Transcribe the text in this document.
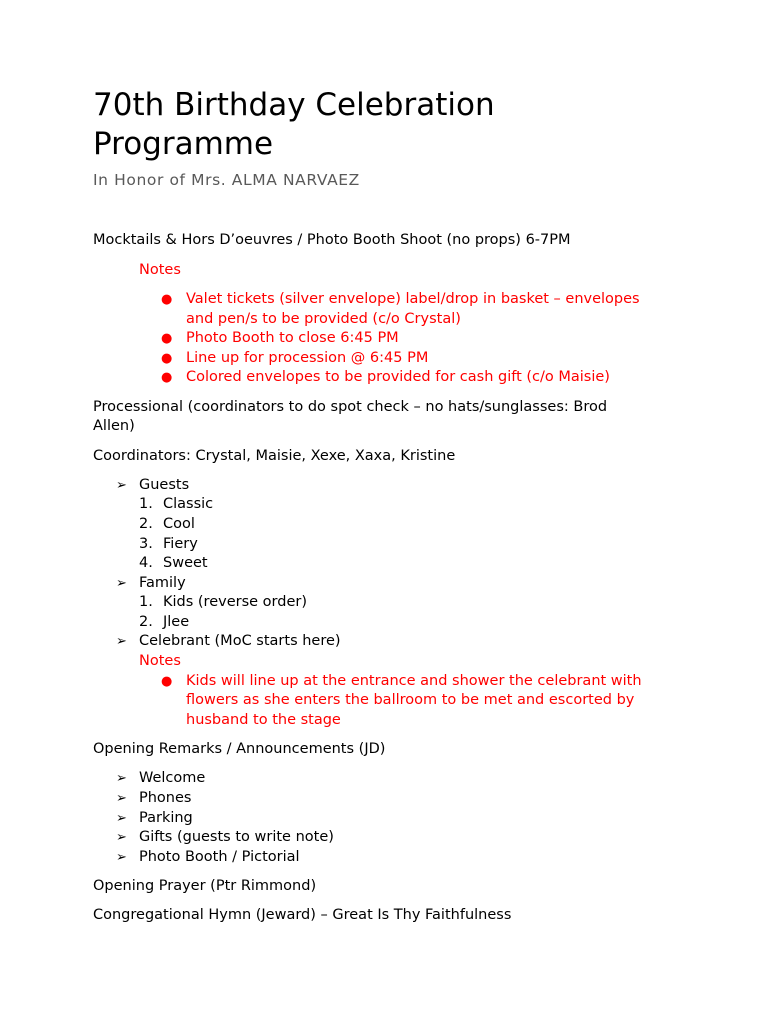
70th Birthday Celebration
Programme
In Honor of Mrs. ALMA NARVAEZ
Mocktails & Hors D’oeuvres / Photo Booth Shoot (no props) 6-7PM
Notes
● Valet tickets (silver envelope) label/drop in basket – envelopes
and pen/s to be provided (c/o Crystal)
● Photo Booth to close 6:45 PM
● Line up for procession @ 6:45 PM
● Colored envelopes to be provided for cash gift (c/o Maisie)
Processional (coordinators to do spot check – no hats/sunglasses: Brod
Allen)
Coordinators: Crystal, Maisie, Xexe, Xaxa, Kristine
➢ Guests
1. Classic
2. Cool
3. Fiery
4. Sweet
➢ Family
1. Kids (reverse order)
2. Jlee
➢ Celebrant (MoC starts here)
Notes
● Kids will line up at the entrance and shower the celebrant with
flowers as she enters the ballroom to be met and escorted by
husband to the stage
Opening Remarks / Announcements (JD)
➢ Welcome
➢ Phones
➢ Parking
➢ Gifts (guests to write note)
➢ Photo Booth / Pictorial
Opening Prayer (Ptr Rimmond)
Congregational Hymn (Jeward) – Great Is Thy Faithfulness
